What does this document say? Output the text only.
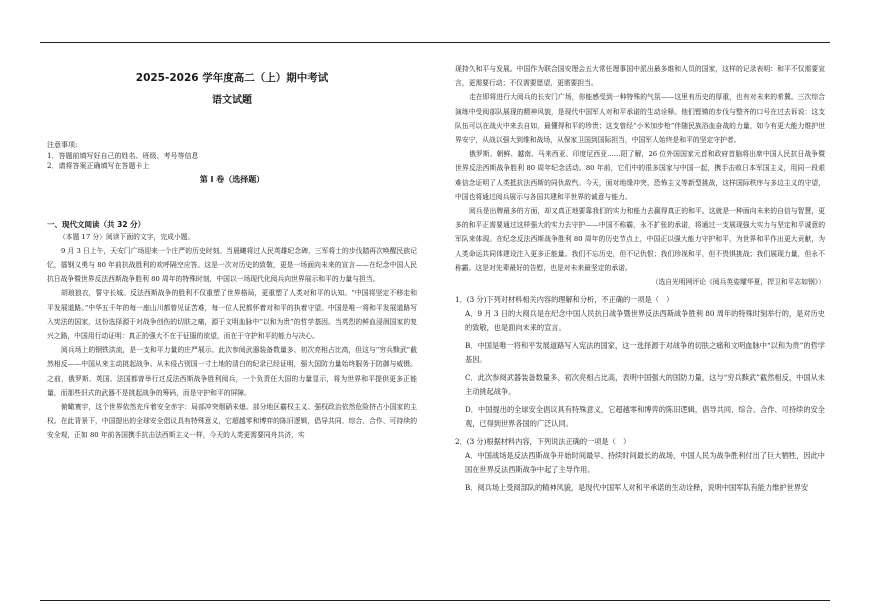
2025-2026 学年度高二（上）期中考试
语文试题

注意事项:

1．答题前填写好自己的姓名、班级、考号等信息

2．请将答案正确填写在答题卡上

第 I 卷（选择题）
一、现代文阅读（共 32 分）

（本题 17 分）阅读下面的文字，完成小题。

9 月 3 日上午，天安门广场迎来一个庄严的历史时刻。当晨曦将过人民英雄纪念碑，三军将士的步伐踏再次唤醒民族记忆，擂钢义勇与 80 年前抗战胜利的欢呼隔空应答。这是一次对历史的致敬，更是一场面向未来的宣言——在纪念中国人民抗日战争暨世界反法西斯战争胜利 80 周年的特殊时刻，中国以一场现代化阅兵向世界展示和平的力量与担当。

胡琅狼衣，誓守长城。反法西斯战争的胜利不仅重塑了世界格局，更重塑了人类对和平的认知。“中国将坚定不移走和平发展道路。”中华五千年的每一座山川都曾见证苦难，每一位人民都怀着对和平的执着守望。中国是唯一将和平发展道路写入宪法的国家，这份选择源于对战争创伤的切肤之痛，源于文明血脉中“以和为贵”的哲学基因。当英烈的鲜血浸润国家的复兴之路，中国用行动证明：真正的强大不在于征服的欲望，而在于守护和平的能力与决心。

阅兵场上的钢铁洪流，是一支和平力量的庄严展示。此次参阅武器装备数量多、初次亮相占比高，但这与“穷兵黩武”截然相反——中国从来主动挑起战争、从未侵占别国一寸土地的清白的纪录已经证明，强大国防力量始终服务于防御与威慑。之前，俄罗斯、英国、法国都曾举行过反法西斯战争胜利阅兵，一个负责任大国的力量显示，将为世界和平提供更多正能量，而那些旧式的武器不是挑起战争的筹码，而是守护和平的屏障。

俯瞰寰宇，这个世界依然充斥着安全赤字：局部冲突烟硝未熄、部分地区霸权主义、强权政治依然危险挤占小国家的主权。在此背景下，中国提出的全球安全倡议具有特殊意义，它超越零和博弈的陈旧逻辑，倡导共同、综合、合作、可持续的安全观，正如 80 年前各国携手抗击法西斯主义一样，今天的人类更需要同舟共济，实

现持久和平与发展。中国作为联合国安理会五大常任理事国中派出最多维和人员的国家，这样的记录表明：和平不仅需要宣言，更需要行动；不仅需要愿望，更需要担当。

走在即将进行大阅兵的长安门广场，你能感受到一种特殊的气氛——这里有历史的厚重，也有对未来的希冀。三次综合演练中受阅部队展现的精神风貌，是现代中国军人对和平承诺的生动诠释。他们铿锵的步伐与整齐的口号在过去诉说：这支队伍可以在战火中来去自如，最懂得和平的珍贵；这支曾经“小米加步枪”伴随民族浴血奋战的力量，如今有更大能力维护世界安宁，从战以强大到维和战场，从保家卫国到国际担当，中国军人始终是和平的坚定守护者。

俄罗斯、朝鲜、越南、马来西亚、印度尼西亚……阳了解，26 位外国国家元首和政府首脑将出席中国人民抗日战争暨世界反法西斯战争胜利 80 周年纪念活动。80 年前，它们中的很多国家与中国一起，携手击败日本军国主义，用同一段艰难信念证明了人类抵抗法西斯的同仇敌忾。今天，面对地缘冲突、恐怖主义等新型挑战，这样国际秩序与多边主义的守望，中国也将通过阅兵展示与各国共建和平世界的诚意与能力。

阅兵是出牌最多的方面，却又真正地要靠我们的实力和能力去赢得真正的和平。这就是一种面向未来的自信与智慧，更多的和平正需要通过这样强大的实力去守护——中国不称霸，永不扩张的承诺，将通过一支展现强大实力与坚定和平诚意的军队来体现。在纪念反法西斯战争胜利 80 周年的历史节点上，中国正以强大能力守护和平，为世界和平作出更大贡献，为人类命运共同体建设注入更多正能量。我们不忘历史，但不记仇恨；我们珍视和平，但不畏惧挑战；我们展现力量，但永不称霸。这是对先辈最好的告慰，也是对未来最坚定的承诺。

（选自光明网评论《阅兵英姿耀华夏，捍卫和平志如钢》）

1．(3 分)下列对材料相关内容的理解和分析，不正确的一项是（　）

A．9 月 3 日的大阅兵是在纪念中国人民抗日战争暨世界反法西斯战争胜利 80 周年的特殊时刻举行的，是对历史的致敬，也是面向未来的宣言。

B．中国是唯一将和平发展道路写入宪法的国家，这一选择源于对战争的切肤之痛和文明血脉中“以和为贵”的哲学基因。

C．此次参阅武器装备数量多、初次亮相占比高，表明中国强大的国防力量，这与“穷兵黩武”截然相反，中国从未主动挑起战争。

D．中国提出的全球安全倡议具有特殊意义，它超越零和博弈的陈旧逻辑，倡导共同、综合、合作、可持续的安全观，已得到世界各国的广泛认同。

2．(3 分)根据材料内容，下列说法正确的一项是（　）

A．中国战场是反法西斯战争开始时间最早、持续时间最长的战场，中国人民为战争胜利付出了巨大牺牲，因此中国在世界反法西斯战争中起了主导作用。

B．阅兵场上受阅部队的精神风貌，是现代中国军人对和平承诺的生动诠释，说明中国军队有能力维护世界安
